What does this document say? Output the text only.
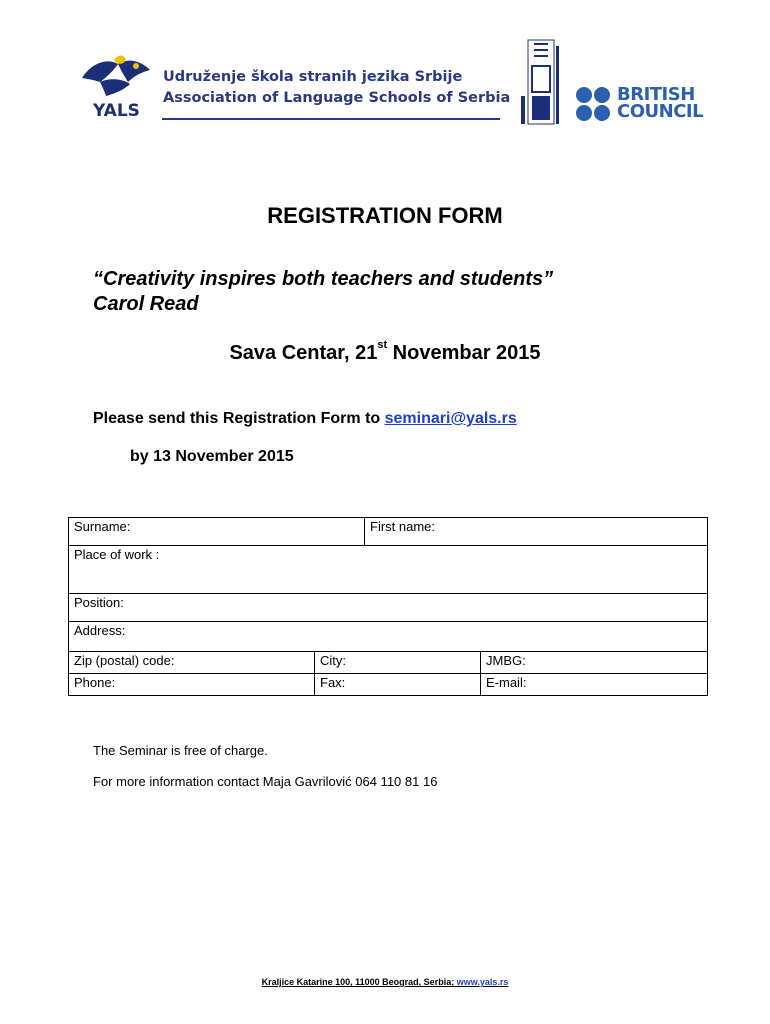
YALS
Udruženje škola stranih jezika Srbije
Association of Language Schools of Serbia	BRITISH
COUNCIL
REGISTRATION FORM
“Creativity inspires both teachers and students”
Carol Read
Sava Centar, 21st Novembar 2015
Please send this Registration Form to seminari@yals.rs
by 13 November 2015
Surname:	First name:
Place of work :
Position:
Address:
Zip (postal) code:	City:	JMBG:
Phone:	Fax:	E-mail:
The Seminar is free of charge.
For more information contact Maja Gavrilović 064 110 81 16
Kraljice Katarine 100, 11000 Beograd, Serbia; www.yals.rs
